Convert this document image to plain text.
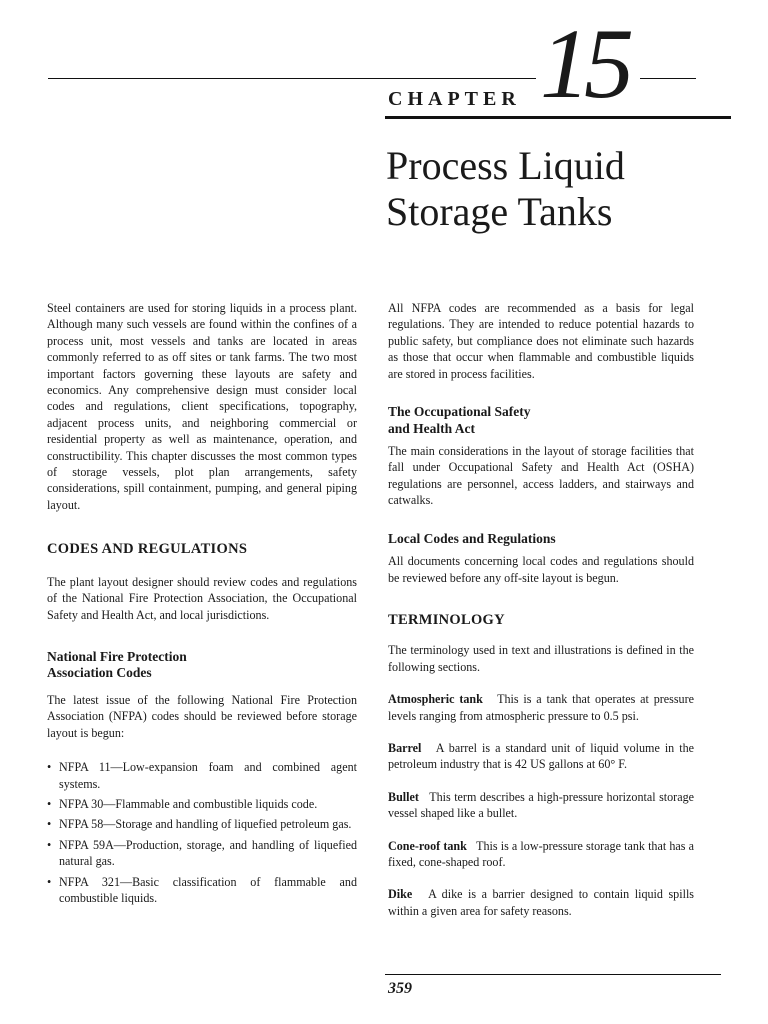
CHAPTER 15
Process Liquid
Storage Tanks

Steel containers are used for storing liquids in a process plant. Although many such vessels are found within the confines of a process unit, most vessels and tanks are located in areas commonly referred to as off sites or tank farms. The two most important factors governing these layouts are safety and economics. Any comprehensive design must consider local codes and regulations, client specifications, topography, adjacent process units, and neighboring commercial or residential property as well as maintenance, operation, and constructibility. This chapter discusses the most common types of storage vessels, plot plan arrangements, safety considerations, spill containment, pumping, and general piping layout.

CODES AND REGULATIONS

The plant layout designer should review codes and regulations of the National Fire Protection Association, the Occupational Safety and Health Act, and local jurisdictions.

National Fire Protection
Association Codes

The latest issue of the following National Fire Protection Association (NFPA) codes should be reviewed before storage layout is begun:

• NFPA 11—Low-expansion foam and combined agent systems.
• NFPA 30—Flammable and combustible liquids code.
• NFPA 58—Storage and handling of liquefied petroleum gas.
• NFPA 59A—Production, storage, and handling of liquefied natural gas.
• NFPA 321—Basic classification of flammable and combustible liquids.

All NFPA codes are recommended as a basis for legal regulations. They are intended to reduce potential hazards to public safety, but compliance does not eliminate such hazards as those that occur when flammable and combustible liquids are stored in process facilities.

The Occupational Safety
and Health Act

The main considerations in the layout of storage facilities that fall under Occupational Safety and Health Act (OSHA) regulations are personnel, access ladders, and stairways and catwalks.

Local Codes and Regulations

All documents concerning local codes and regulations should be reviewed before any off-site layout is begun.

TERMINOLOGY

The terminology used in text and illustrations is defined in the following sections.

Atmospheric tank This is a tank that operates at pressure levels ranging from atmospheric pressure to 0.5 psi.

Barrel A barrel is a standard unit of liquid volume in the petroleum industry that is 42 US gallons at 60° F.

Bullet This term describes a high-pressure horizontal storage vessel shaped like a bullet.

Cone-roof tank This is a low-pressure storage tank that has a fixed, cone-shaped roof.

Dike A dike is a barrier designed to contain liquid spills within a given area for safety reasons.

359
